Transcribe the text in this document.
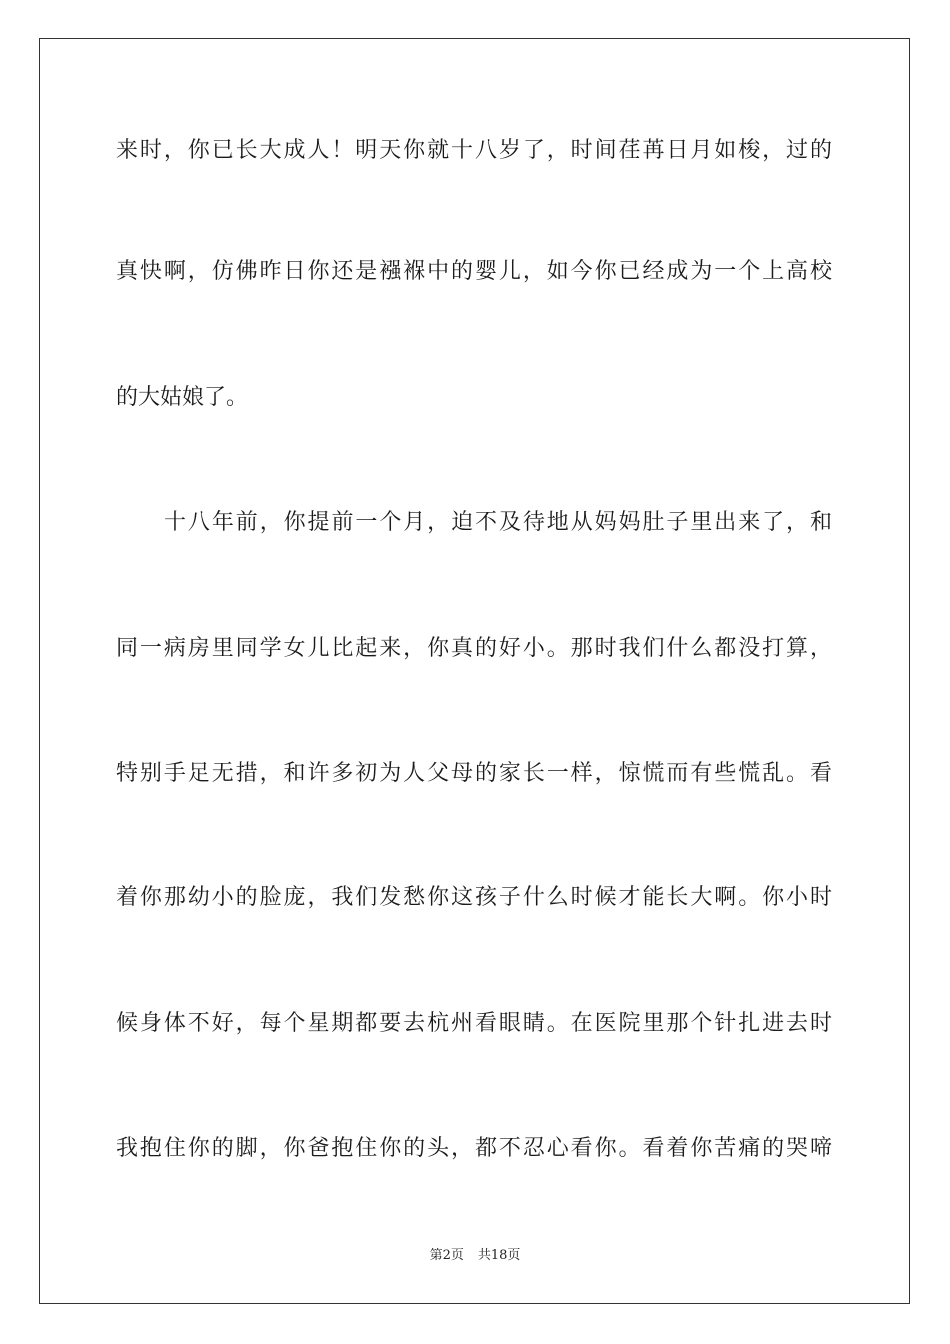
来时，你已长大成人！明天你就十八岁了，时间荏苒日月如梭，过的
真快啊，仿佛昨日你还是襁褓中的婴儿，如今你已经成为一个上高校
的大姑娘了。
十八年前，你提前一个月，迫不及待地从妈妈肚子里出来了，和
同一病房里同学女儿比起来，你真的好小。那时我们什么都没打算，
特别手足无措，和许多初为人父母的家长一样，惊慌而有些慌乱。看
着你那幼小的脸庞，我们发愁你这孩子什么时候才能长大啊。你小时
候身体不好，每个星期都要去杭州看眼睛。在医院里那个针扎进去时
我抱住你的脚，你爸抱住你的头，都不忍心看你。看着你苦痛的哭啼
第2页 共18页
